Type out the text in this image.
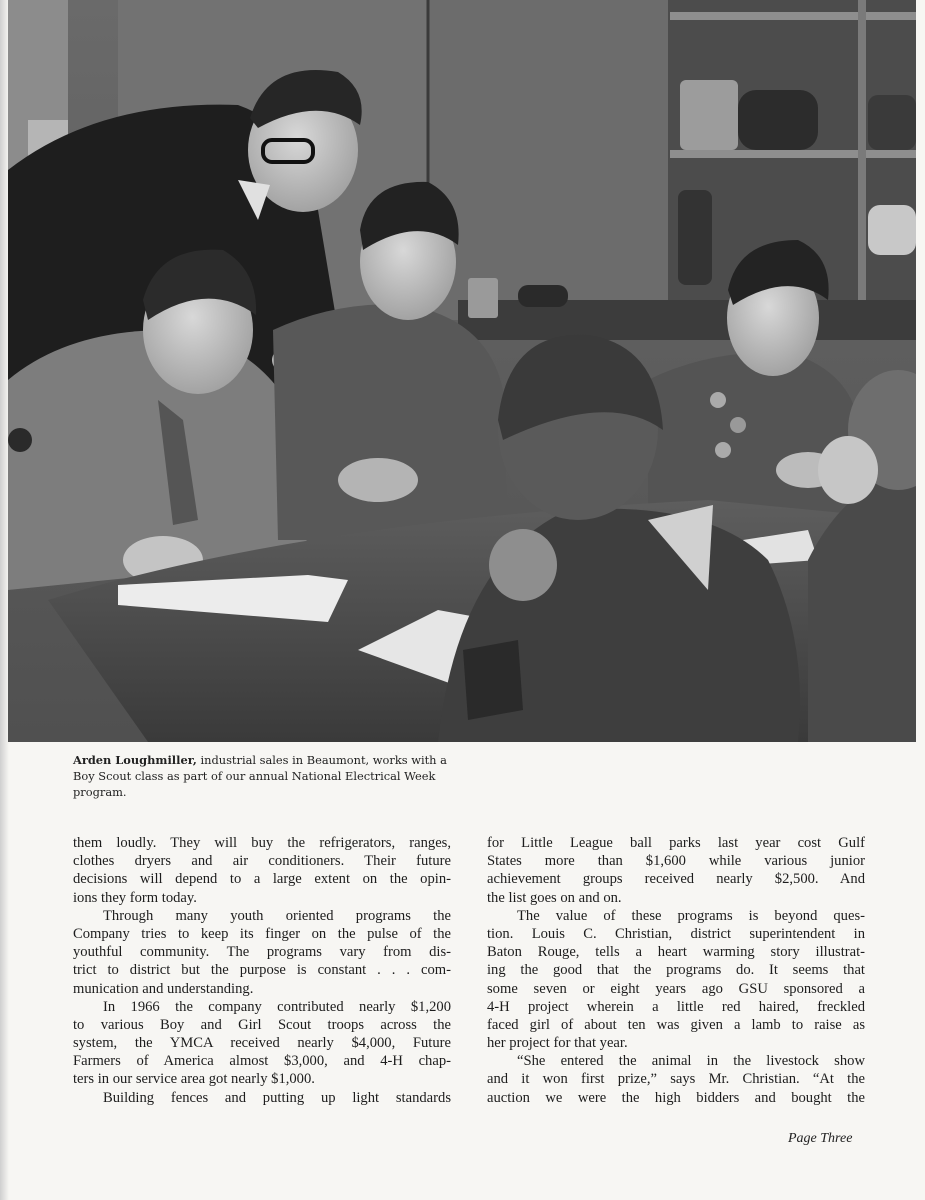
Arden Loughmiller, industrial sales in Beaumont, works with a Boy Scout class as part of our annual National Electrical Week program.
them loudly. They will buy the refrigerators, ranges,
clothes dryers and air conditioners. Their future
decisions will depend to a large extent on the opin-
ions they form today.
Through many youth oriented programs the
Company tries to keep its finger on the pulse of the
youthful community. The programs vary from dis-
trict to district but the purpose is constant . . . com-
munication and understanding.
In 1966 the company contributed nearly $1,200
to various Boy and Girl Scout troops across the
system, the YMCA received nearly $4,000, Future
Farmers of America almost $3,000, and 4-H chap-
ters in our service area got nearly $1,000.
Building fences and putting up light standards
for Little League ball parks last year cost Gulf
States more than $1,600 while various junior
achievement groups received nearly $2,500. And
the list goes on and on.
The value of these programs is beyond ques-
tion. Louis C. Christian, district superintendent in
Baton Rouge, tells a heart warming story illustrat-
ing the good that the programs do. It seems that
some seven or eight years ago GSU sponsored a
4-H project wherein a little red haired, freckled
faced girl of about ten was given a lamb to raise as
her project for that year.
“She entered the animal in the livestock show
and it won first prize,” says Mr. Christian. “At the
auction we were the high bidders and bought the
Page Three
